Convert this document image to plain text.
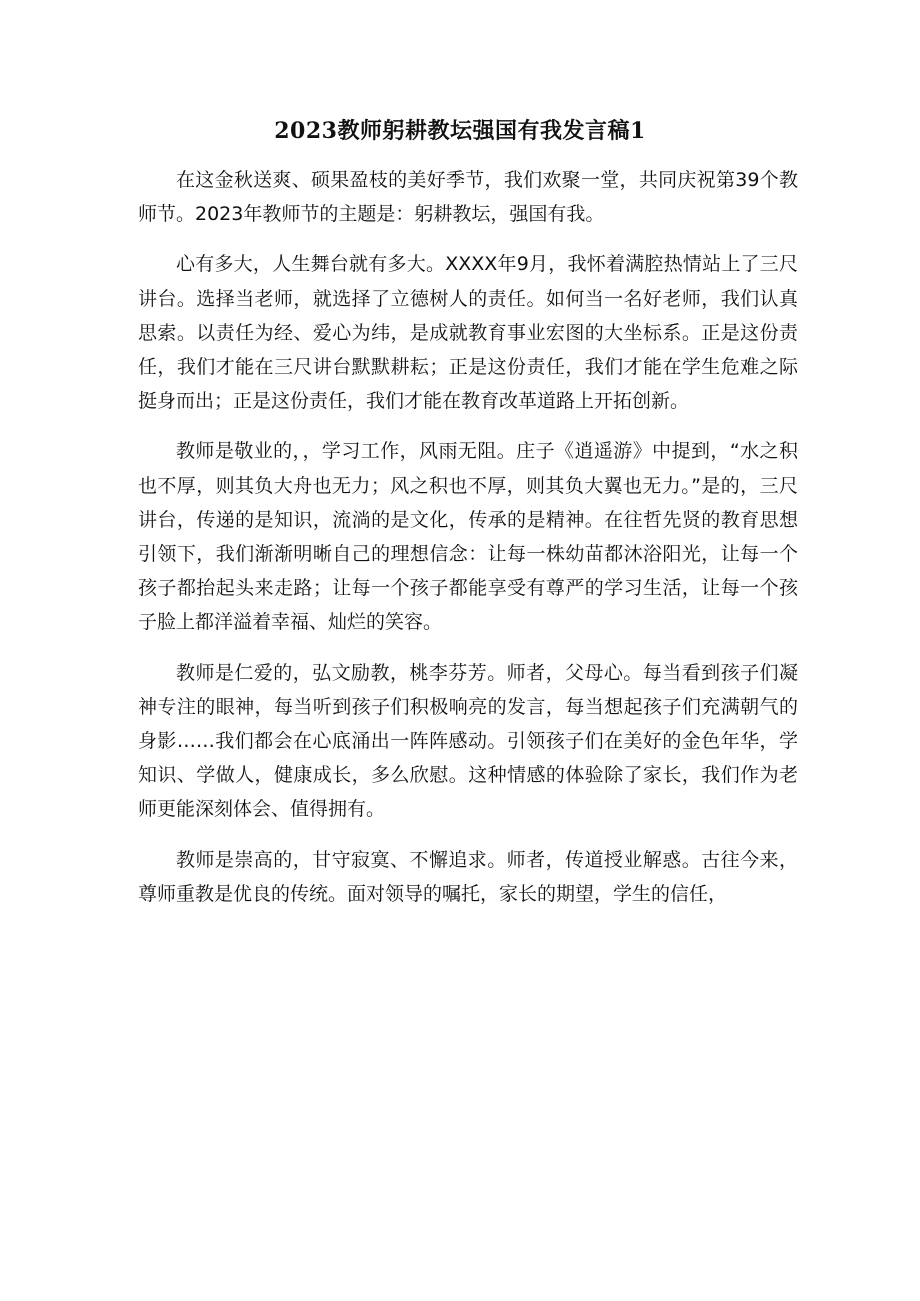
2023教师躬耕教坛强国有我发言稿1

在这金秋送爽、硕果盈枝的美好季节，我们欢聚一堂，共同庆祝第39个教师节。2023年教师节的主题是：躬耕教坛，强国有我。

心有多大，人生舞台就有多大。XXXX年9月，我怀着满腔热情站上了三尺讲台。选择当老师，就选择了立德树人的责任。如何当一名好老师，我们认真思索。以责任为经、爱心为纬，是成就教育事业宏图的大坐标系。正是这份责任，我们才能在三尺讲台默默耕耘；正是这份责任，我们才能在学生危难之际挺身而出；正是这份责任，我们才能在教育改革道路上开拓创新。

教师是敬业的，，学习工作，风雨无阻。庄子《逍遥游》中提到，“水之积也不厚，则其负大舟也无力；风之积也不厚，则其负大翼也无力。”是的，三尺讲台，传递的是知识，流淌的是文化，传承的是精神。在往哲先贤的教育思想引领下，我们渐渐明晰自己的理想信念：让每一株幼苗都沐浴阳光，让每一个孩子都抬起头来走路；让每一个孩子都能享受有尊严的学习生活，让每一个孩子脸上都洋溢着幸福、灿烂的笑容。

教师是仁爱的，弘文励教，桃李芬芳。师者，父母心。每当看到孩子们凝神专注的眼神，每当听到孩子们积极响亮的发言，每当想起孩子们充满朝气的身影……我们都会在心底涌出一阵阵感动。引领孩子们在美好的金色年华，学知识、学做人，健康成长，多么欣慰。这种情感的体验除了家长，我们作为老师更能深刻体会、值得拥有。

教师是崇高的，甘守寂寞、不懈追求。师者，传道授业解惑。古往今来，尊师重教是优良的传统。面对领导的嘱托，家长的期望，学生的信任，
